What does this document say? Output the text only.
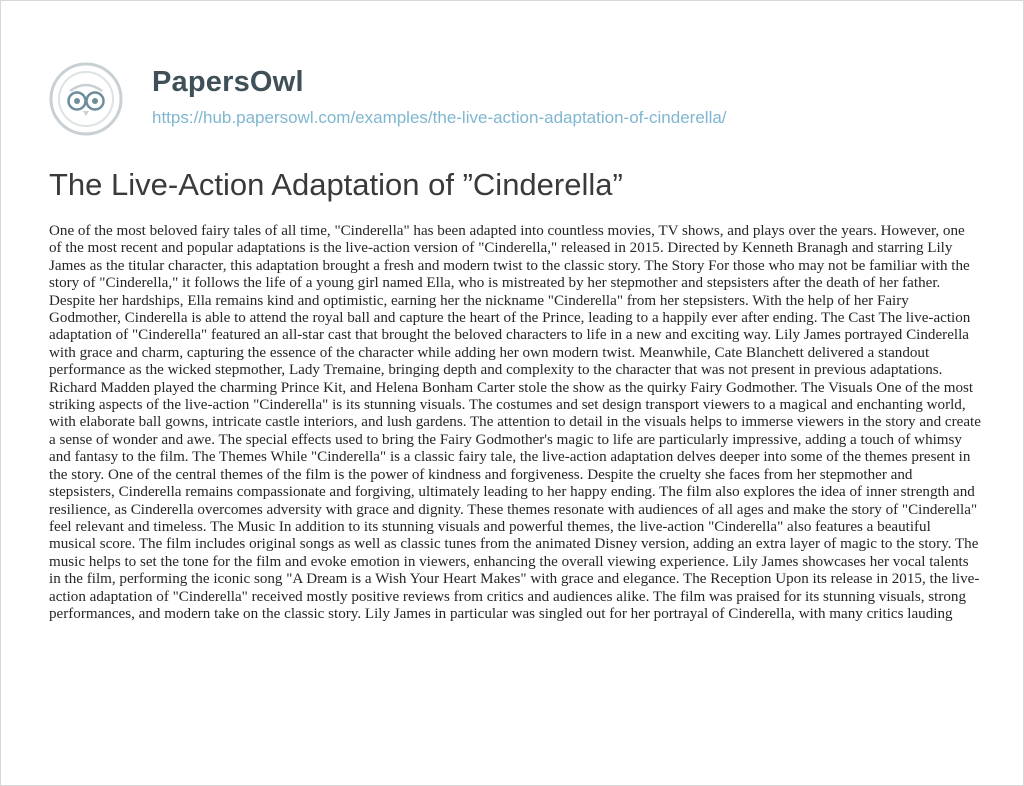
PapersOwl
https://hub.papersowl.com/examples/the-live-action-adaptation-of-cinderella/
The Live-Action Adaptation of ”Cinderella”

One of the most beloved fairy tales of all time, "Cinderella" has been adapted into countless movies, TV shows, and plays over the years. However, one of the most recent and popular adaptations is the live-action version of "Cinderella," released in 2015. Directed by Kenneth Branagh and starring Lily James as the titular character, this adaptation brought a fresh and modern twist to the classic story. The Story For those who may not be familiar with the story of "Cinderella," it follows the life of a young girl named Ella, who is mistreated by her stepmother and stepsisters after the death of her father. Despite her hardships, Ella remains kind and optimistic, earning her the nickname "Cinderella" from her stepsisters. With the help of her Fairy Godmother, Cinderella is able to attend the royal ball and capture the heart of the Prince, leading to a happily ever after ending. The Cast The live-action adaptation of "Cinderella" featured an all-star cast that brought the beloved characters to life in a new and exciting way. Lily James portrayed Cinderella with grace and charm, capturing the essence of the character while adding her own modern twist. Meanwhile, Cate Blanchett delivered a standout performance as the wicked stepmother, Lady Tremaine, bringing depth and complexity to the character that was not present in previous adaptations. Richard Madden played the charming Prince Kit, and Helena Bonham Carter stole the show as the quirky Fairy Godmother. The Visuals One of the most striking aspects of the live-action "Cinderella" is its stunning visuals. The costumes and set design transport viewers to a magical and enchanting world, with elaborate ball gowns, intricate castle interiors, and lush gardens. The attention to detail in the visuals helps to immerse viewers in the story and create a sense of wonder and awe. The special effects used to bring the Fairy Godmother's magic to life are particularly impressive, adding a touch of whimsy and fantasy to the film. The Themes While "Cinderella" is a classic fairy tale, the live-action adaptation delves deeper into some of the themes present in the story. One of the central themes of the film is the power of kindness and forgiveness. Despite the cruelty she faces from her stepmother and stepsisters, Cinderella remains compassionate and forgiving, ultimately leading to her happy ending. The film also explores the idea of inner strength and resilience, as Cinderella overcomes adversity with grace and dignity. These themes resonate with audiences of all ages and make the story of "Cinderella" feel relevant and timeless. The Music In addition to its stunning visuals and powerful themes, the live-action "Cinderella" also features a beautiful musical score. The film includes original songs as well as classic tunes from the animated Disney version, adding an extra layer of magic to the story. The music helps to set the tone for the film and evoke emotion in viewers, enhancing the overall viewing experience. Lily James showcases her vocal talents in the film, performing the iconic song "A Dream is a Wish Your Heart Makes" with grace and elegance. The Reception Upon its release in 2015, the live-action adaptation of "Cinderella" received mostly positive reviews from critics and audiences alike. The film was praised for its stunning visuals, strong performances, and modern take on the classic story. Lily James in particular was singled out for her portrayal of Cinderella, with many critics lauding
